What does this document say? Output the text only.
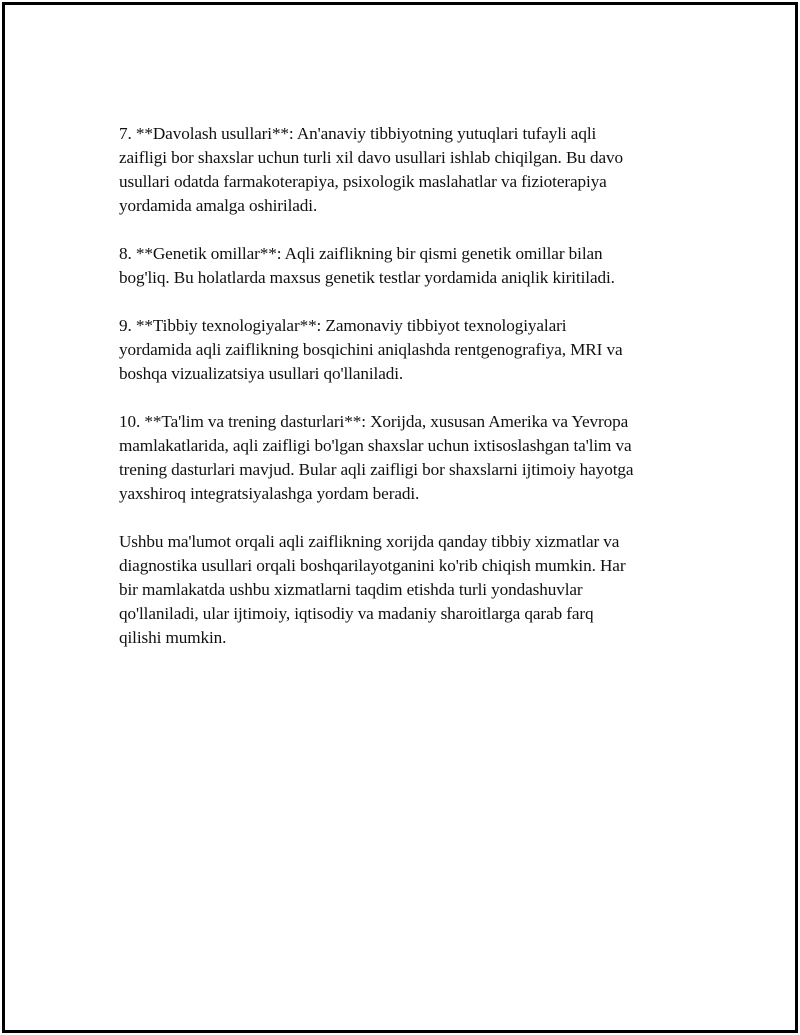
7. **Davolash usullari**: An'anaviy tibbiyotning yutuqlari tufayli aqli
zaifligi bor shaxslar uchun turli xil davo usullari ishlab chiqilgan. Bu davo
usullari odatda farmakoterapiya, psixologik maslahatlar va fizioterapiya
yordamida amalga oshiriladi.

8. **Genetik omillar**: Aqli zaiflikning bir qismi genetik omillar bilan
bog'liq. Bu holatlarda maxsus genetik testlar yordamida aniqlik kiritiladi.

9. **Tibbiy texnologiyalar**: Zamonaviy tibbiyot texnologiyalari
yordamida aqli zaiflikning bosqichini aniqlashda rentgenografiya, MRI va
boshqa vizualizatsiya usullari qo'llaniladi.

10. **Ta'lim va trening dasturlari**: Xorijda, xususan Amerika va Yevropa
mamlakatlarida, aqli zaifligi bo'lgan shaxslar uchun ixtisoslashgan ta'lim va
trening dasturlari mavjud. Bular aqli zaifligi bor shaxslarni ijtimoiy hayotga
yaxshiroq integratsiyalashga yordam beradi.

Ushbu ma'lumot orqali aqli zaiflikning xorijda qanday tibbiy xizmatlar va
diagnostika usullari orqali boshqarilayotganini ko'rib chiqish mumkin. Har
bir mamlakatda ushbu xizmatlarni taqdim etishda turli yondashuvlar
qo'llaniladi, ular ijtimoiy, iqtisodiy va madaniy sharoitlarga qarab farq
qilishi mumkin.
